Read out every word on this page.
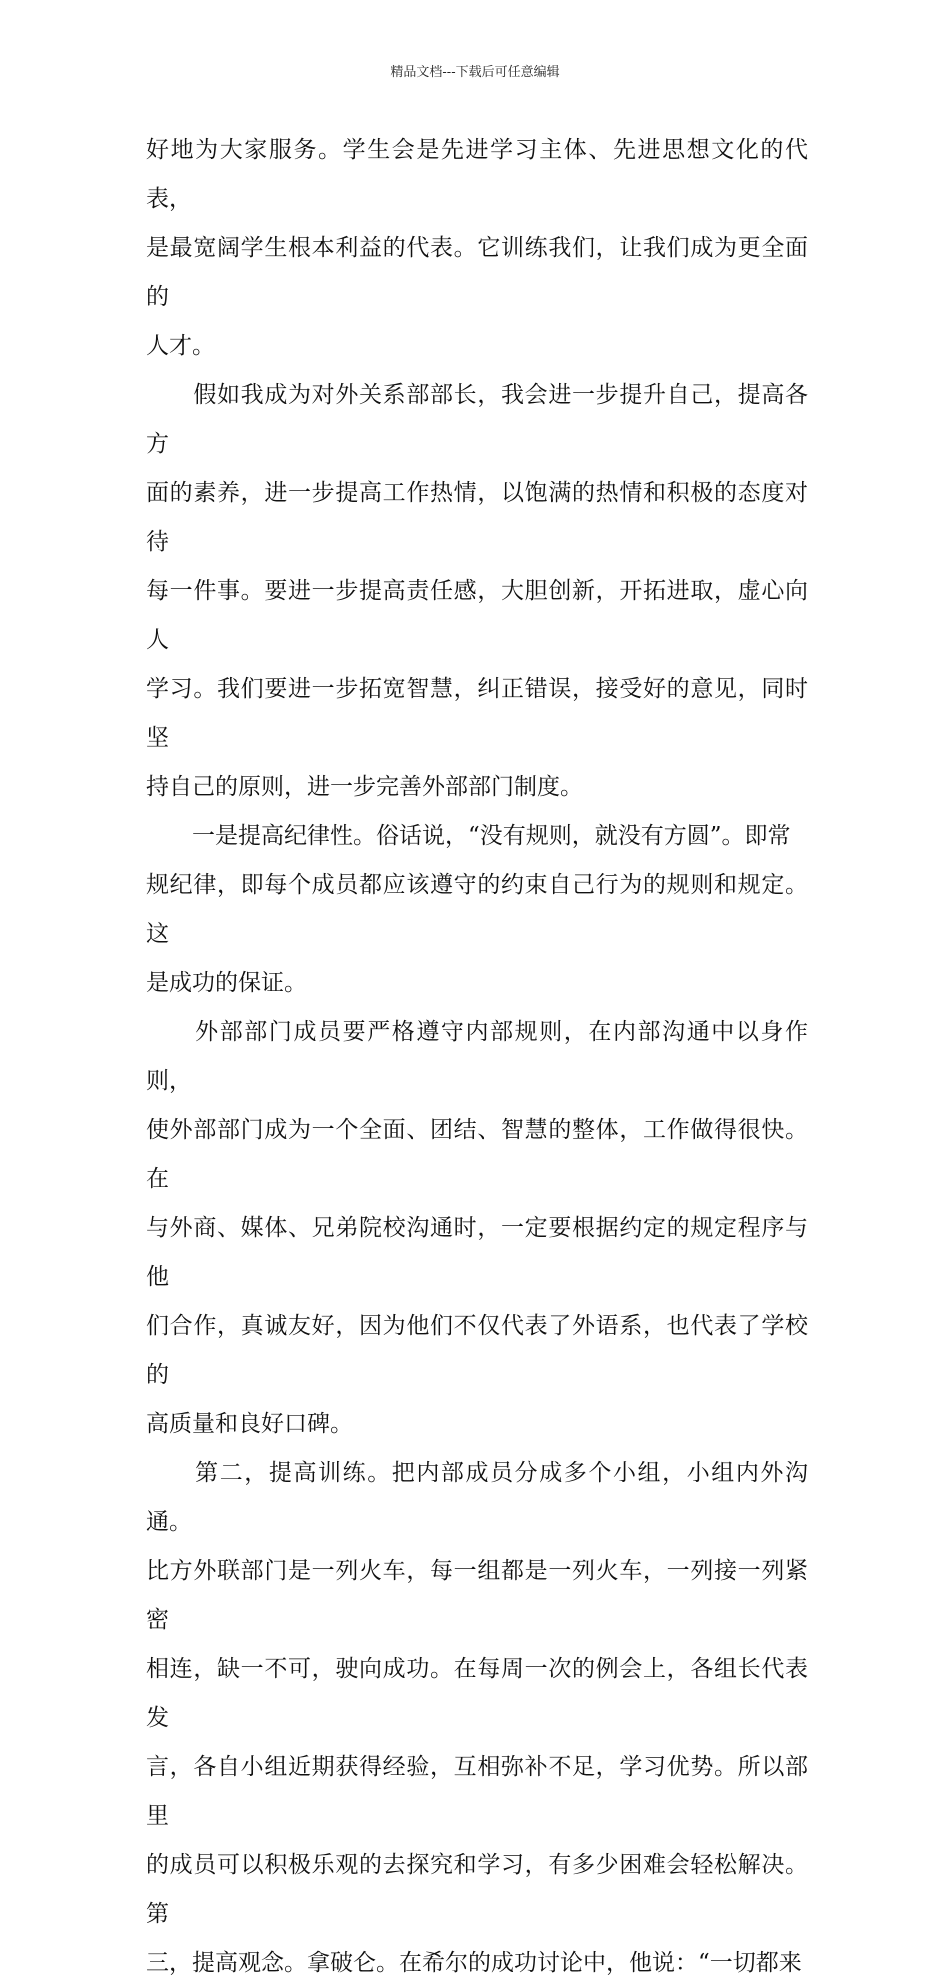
精品文档---下载后可任意编辑

好地为大家服务。学生会是先进学习主体、先进思想文化的代表，

是最宽阔学生根本利益的代表。它训练我们，让我们成为更全面的

人才。

　　假如我成为对外关系部部长，我会进一步提升自己，提高各方

面的素养，进一步提高工作热情，以饱满的热情和积极的态度对待

每一件事。要进一步提高责任感，大胆创新，开拓进取，虚心向人

学习。我们要进一步拓宽智慧，纠正错误，接受好的意见，同时坚

持自己的原则，进一步完善外部部门制度。

　　一是提高纪律性。俗话说，“没有规则，就没有方圆”。即常

规纪律，即每个成员都应该遵守的约束自己行为的规则和规定。这

是成功的保证。

　　外部部门成员要严格遵守内部规则，在内部沟通中以身作则，

使外部部门成为一个全面、团结、智慧的整体，工作做得很快。在

与外商、媒体、兄弟院校沟通时，一定要根据约定的规定程序与他

们合作，真诚友好，因为他们不仅代表了外语系，也代表了学校的

高质量和良好口碑。

　　第二，提高训练。把内部成员分成多个小组，小组内外沟通。

比方外联部门是一列火车，每一组都是一列火车，一列接一列紧密

相连，缺一不可，驶向成功。在每周一次的例会上，各组长代表发

言，各自小组近期获得经验，互相弥补不足，学习优势。所以部里

的成员可以积极乐观的去探究和学习，有多少困难会轻松解决。第

三，提高观念。拿破仑。在希尔的成功讨论中，他说：“一切都来
